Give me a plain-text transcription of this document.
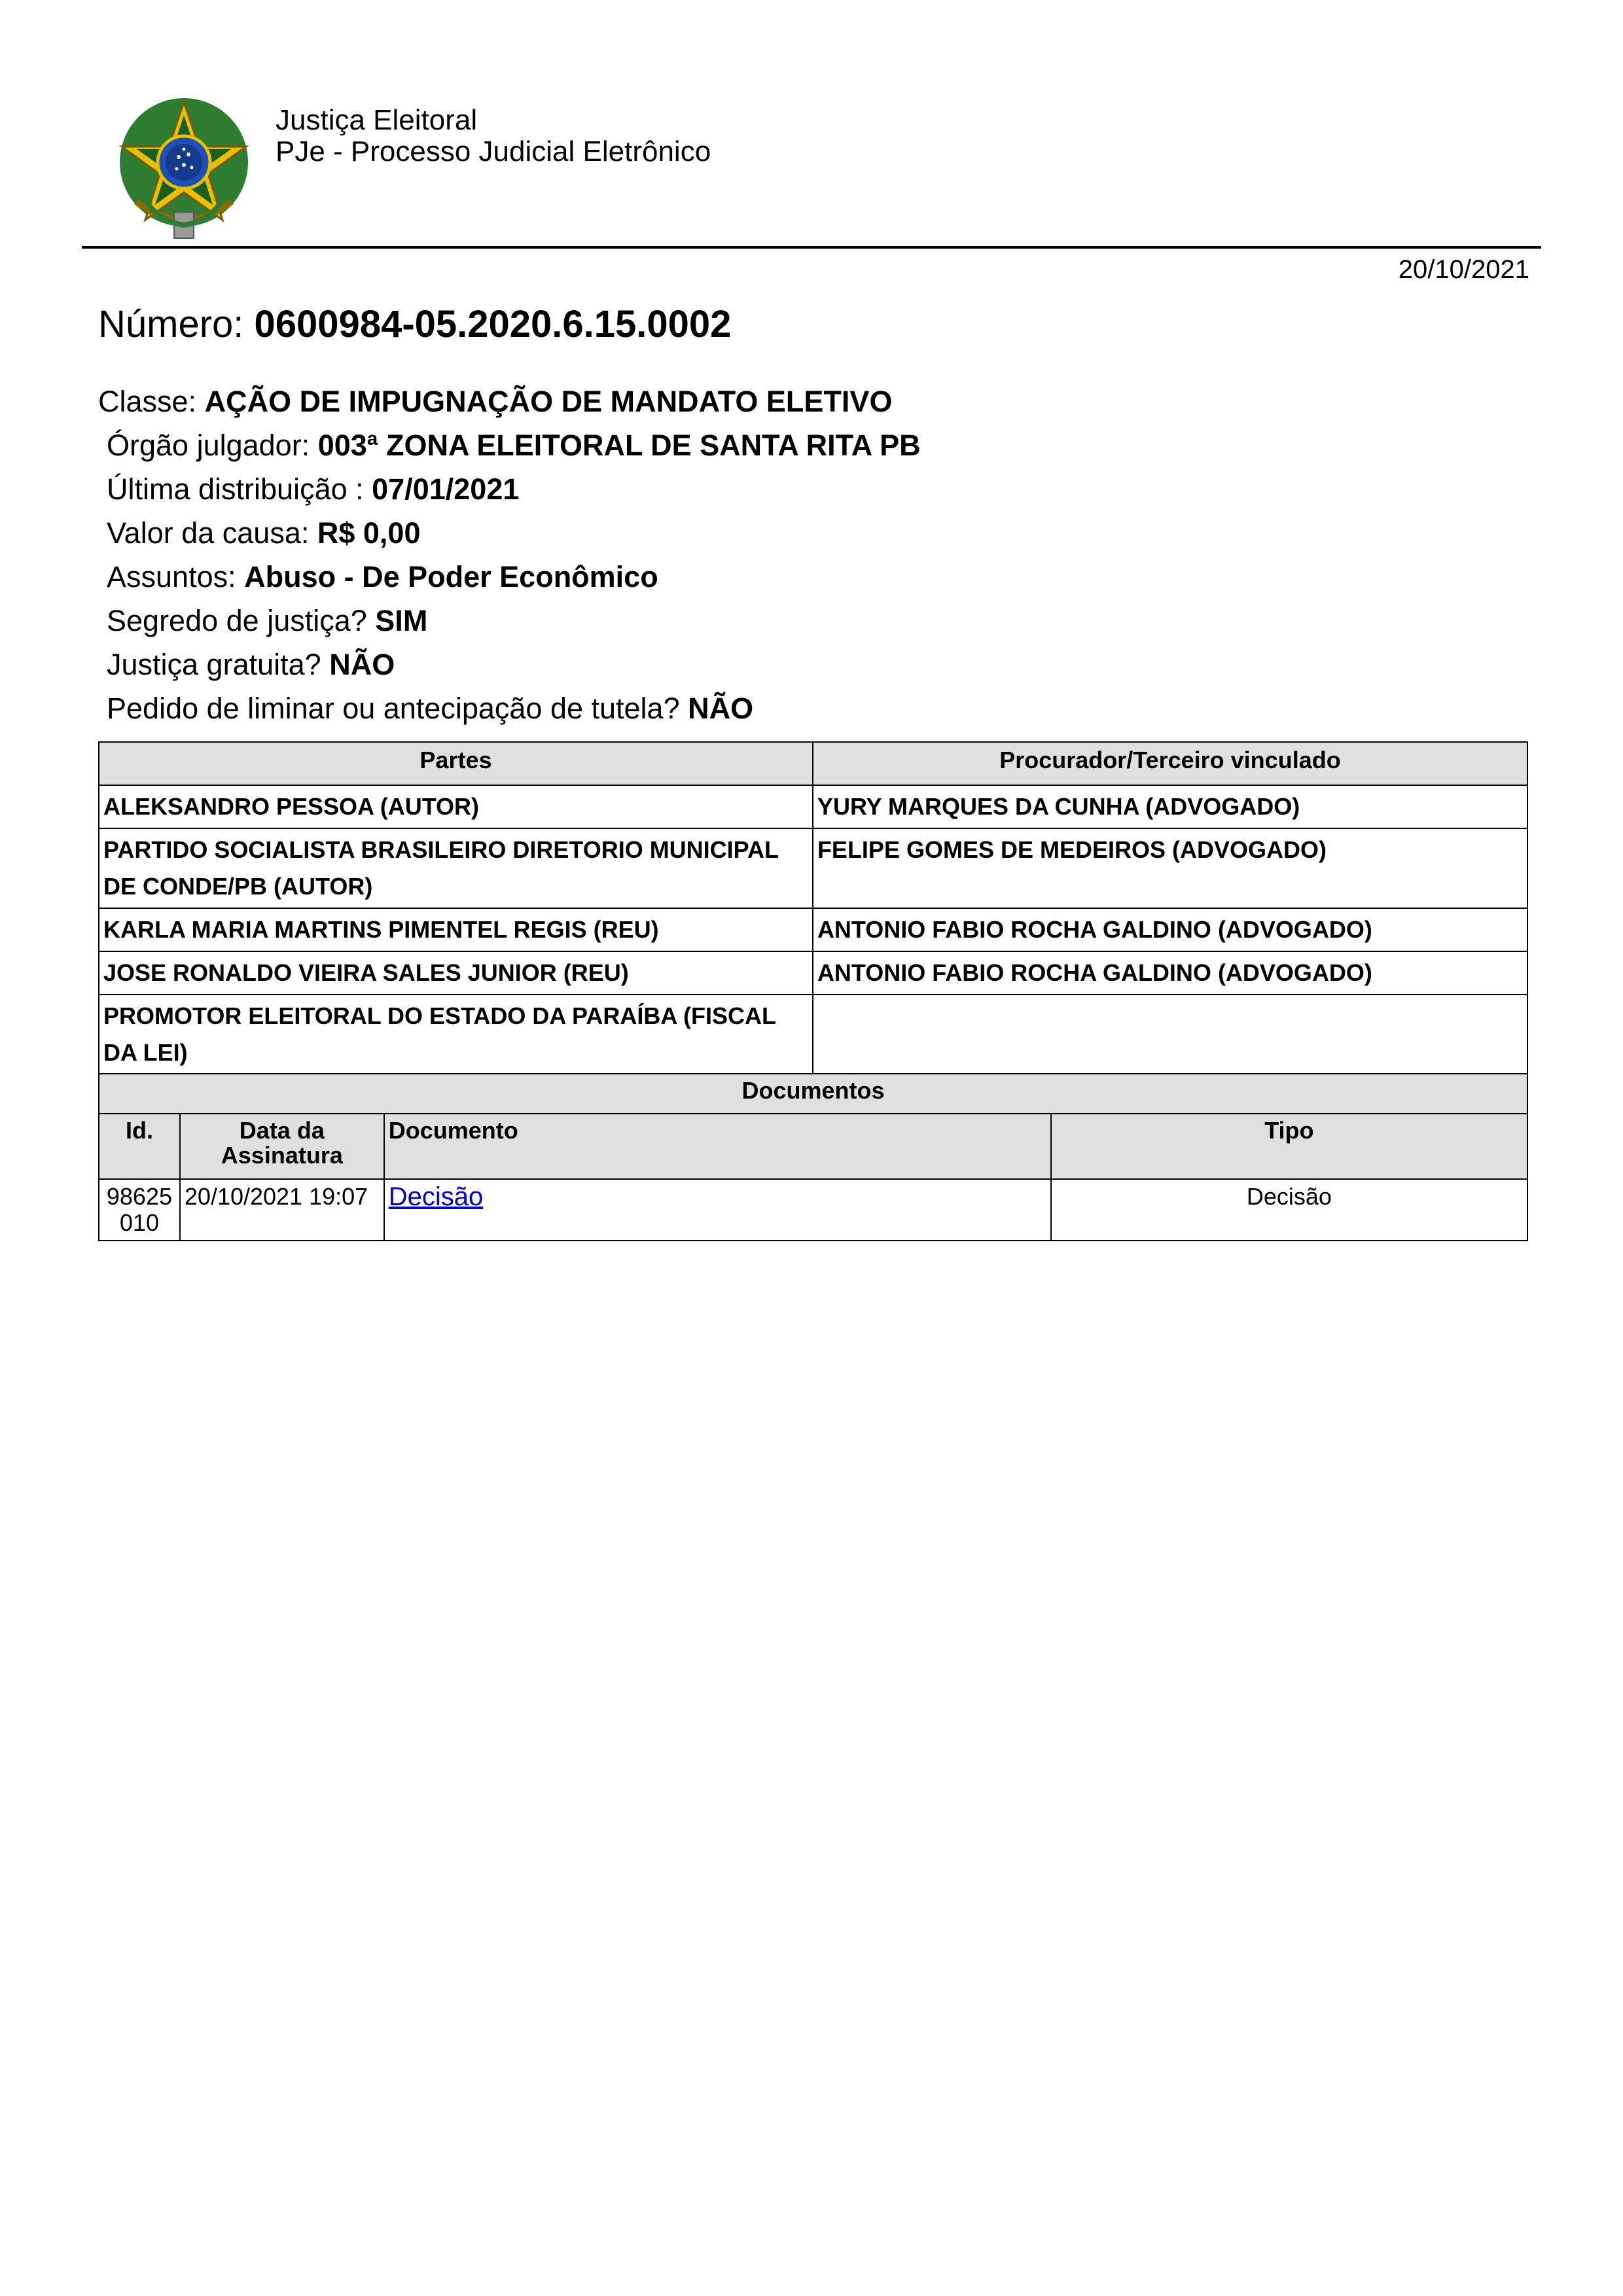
Justiça Eleitoral
PJe - Processo Judicial Eletrônico
20/10/2021
Número: 0600984-05.2020.6.15.0002
Classe: AÇÃO DE IMPUGNAÇÃO DE MANDATO ELETIVO
Órgão julgador: 003ª ZONA ELEITORAL DE SANTA RITA PB
Última distribuição : 07/01/2021
Valor da causa: R$ 0,00
Assuntos: Abuso - De Poder Econômico
Segredo de justiça? SIM
Justiça gratuita? NÃO
Pedido de liminar ou antecipação de tutela? NÃO
Partes	Procurador/Terceiro vinculado
ALEKSANDRO PESSOA (AUTOR)	YURY MARQUES DA CUNHA (ADVOGADO)
PARTIDO SOCIALISTA BRASILEIRO DIRETORIO MUNICIPAL DE CONDE/PB (AUTOR)	FELIPE GOMES DE MEDEIROS (ADVOGADO)
KARLA MARIA MARTINS PIMENTEL REGIS (REU)	ANTONIO FABIO ROCHA GALDINO (ADVOGADO)
JOSE RONALDO VIEIRA SALES JUNIOR (REU)	ANTONIO FABIO ROCHA GALDINO (ADVOGADO)
PROMOTOR ELEITORAL DO ESTADO DA PARAÍBA (FISCAL DA LEI)	
Documentos			
Id.	Data da Assinatura	Documento	Tipo
98625010	20/10/2021 19:07	Decisão	Decisão
